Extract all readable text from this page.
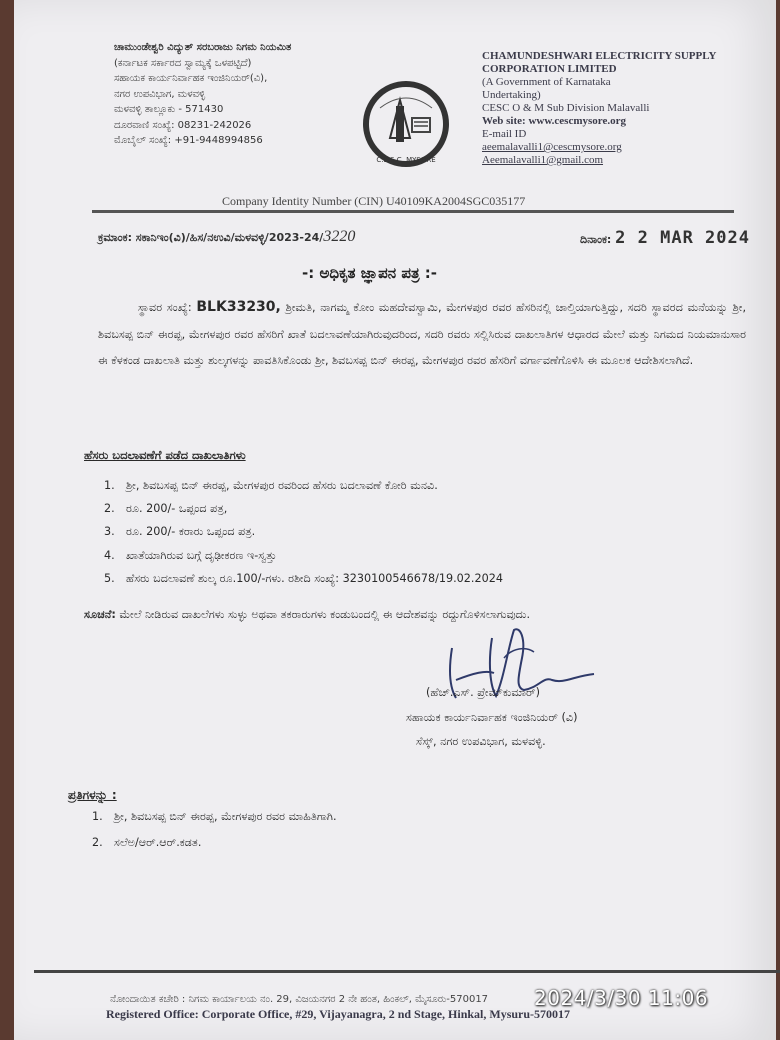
ಚಾಮುಂಡೇಶ್ವರಿ ವಿದ್ಯುತ್ ಸರಬರಾಜು ನಿಗಮ ನಿಯಮಿತ
(ಕರ್ನಾಟಕ ಸರ್ಕಾರದ ಸ್ವಾಮ್ಯಕ್ಕೆ ಒಳಪಟ್ಟಿದೆ)
ಸಹಾಯಕ ಕಾರ್ಯನಿರ್ವಾಹಕ ಇಂಜಿನಿಯರ್(ವಿ),
ನಗರ ಉಪವಿಭಾಗ, ಮಳವಳ್ಳಿ
ಮಳವಳ್ಳಿ ತಾಲ್ಲೂಕು - 571430
ದೂರವಾಣಿ ಸಂಖ್ಯೆ: 08231-242026
ಮೊಬೈಲ್ ಸಂಖ್ಯೆ: +91-9448994856
C.E.S.C. MYSORE
CHAMUNDESHWARI ELECTRICITY SUPPLY
CORPORATION LIMITED
(A Government of Karnataka
Undertaking)
CESC O & M Sub Division Malavalli
Web site: www.cescmysore.org
E-mail ID
aeemalavalli1@cescmysore.org
Aeemalavalli1@gmail.com
Company Identity Number (CIN) U40109KA2004SGC035177
ಕ್ರಮಾಂಕ: ಸಕಾನಿಇಂ(ವಿ)/ಹಿಸ/ನಉವಿ/ಮಳವಳ್ಳಿ/2023-24/3220	ದಿನಾಂಕ: 2 2 MAR 2024
-: ಅಧಿಕೃತ ಜ್ಞಾಪನ ಪತ್ರ :-
ಸ್ಥಾವರ ಸಂಖ್ಯೆ: BLK33230, ಶ್ರೀಮತಿ, ನಾಗಮ್ಮ ಕೋಂ ಮಹದೇವಸ್ವಾಮಿ, ಮೇಗಳಪುರ ರವರ ಹೆಸರಿನಲ್ಲಿ ಚಾಲ್ತಿಯಾಗುತ್ತಿದ್ದು, ಸದರಿ ಸ್ಥಾವರದ ಮನೆಯನ್ನು ಶ್ರೀ, ಶಿವಬಸಪ್ಪ ಬಿನ್ ಈರಪ್ಪ, ಮೇಗಳಪುರ ರವರ ಹೆಸರಿಗೆ ಖಾತೆ ಬದಲಾವಣೆಯಾಗಿರುವುದರಿಂದ, ಸದರಿ ರವರು ಸಲ್ಲಿಸಿರುವ ದಾಖಲಾತಿಗಳ ಆಧಾರದ ಮೇಲೆ ಮತ್ತು ನಿಗಮದ ನಿಯಮಾನುಸಾರ ಈ ಕೆಳಕಂಡ ದಾಖಲಾತಿ ಮತ್ತು ಶುಲ್ಕಗಳನ್ನು ಪಾವತಿಸಿಕೊಂಡು ಶ್ರೀ, ಶಿವಬಸಪ್ಪ ಬಿನ್ ಈರಪ್ಪ, ಮೇಗಳಪುರ ರವರ ಹೆಸರಿಗೆ ವರ್ಗಾವಣೆಗೊಳಿಸಿ ಈ ಮೂಲಕ ಆದೇಶಿಸಲಾಗಿದೆ.
ಹೆಸರು ಬದಲಾವಣೆಗೆ ಪಡೆದ ದಾಖಲಾತಿಗಳು
1.	ಶ್ರೀ, ಶಿವಬಸಪ್ಪ ಬಿನ್ ಈರಪ್ಪ, ಮೇಗಳಪುರ ರವರಿಂದ ಹೆಸರು ಬದಲಾವಣೆ ಕೋರಿ ಮನವಿ.
2.	ರೂ. 200/- ಒಪ್ಪಂದ ಪತ್ರ,
3.	ರೂ. 200/- ಕರಾರು ಒಪ್ಪಂದ ಪತ್ರ.
4.	ಖಾತೆಯಾಗಿರುವ ಬಗ್ಗೆ ದೃಢೀಕರಣ ಇ-ಸ್ವತ್ತು
5.	ಹೆಸರು ಬದಲಾವಣೆ ಶುಲ್ಕ ರೂ.100/-ಗಳು. ರಶೀದಿ ಸಂಖ್ಯೆ: 3230100546678/19.02.2024
ಸೂಚನೆ: ಮೇಲೆ ನೀಡಿರುವ ದಾಖಲೆಗಳು ಸುಳ್ಳು ಅಥವಾ ತಕರಾರುಗಳು ಕಂಡುಬಂದಲ್ಲಿ ಈ ಆದೇಶವನ್ನು ರದ್ದುಗೊಳಿಸಲಾಗುವುದು.
(ಹೆಚ್.ಎಸ್. ಪ್ರೇಮ್‌ಕುಮಾರ್)
ಸಹಾಯಕ ಕಾರ್ಯನಿರ್ವಾಹಕ ಇಂಜಿನಿಯರ್ (ವಿ)
ಸೆಸ್ಕ್, ನಗರ ಉಪವಿಭಾಗ, ಮಳವಳ್ಳಿ.
ಪ್ರತಿಗಳನ್ನು :
1.	ಶ್ರೀ, ಶಿವಬಸಪ್ಪ ಬಿನ್ ಈರಪ್ಪ, ಮೇಗಳಪುರ ರವರ ಮಾಹಿತಿಗಾಗಿ.
2.	ಸಲೆಅ/ಆರ್.ಆರ್.ಕಡತ.
ನೋಂದಾಯಿತ ಕಚೇರಿ : ನಿಗಮ ಕಾರ್ಯಾಲಯ ನಂ. 29, ವಿಜಯನಗರ 2 ನೇ ಹಂತ, ಹಿಂಕಲ್, ಮೈಸೂರು-570017
Registered Office: Corporate Office, #29, Vijayanagra, 2 nd Stage, Hinkal, Mysuru-570017
2024/3/30 11:06
